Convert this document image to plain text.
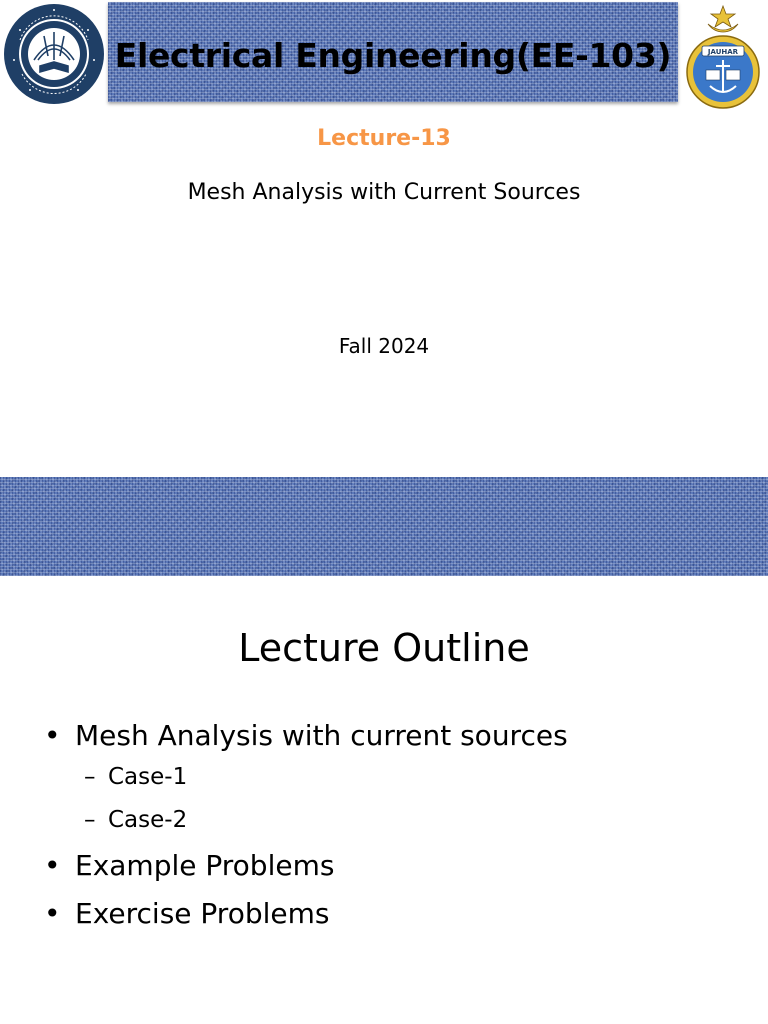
Electrical Engineering(EE-103)	JAUHAR
Lecture-13
Mesh Analysis with Current Sources
Fall 2024
Lecture Outline
• Mesh Analysis with current sources
– Case-1
– Case-2
• Example Problems
• Exercise Problems
